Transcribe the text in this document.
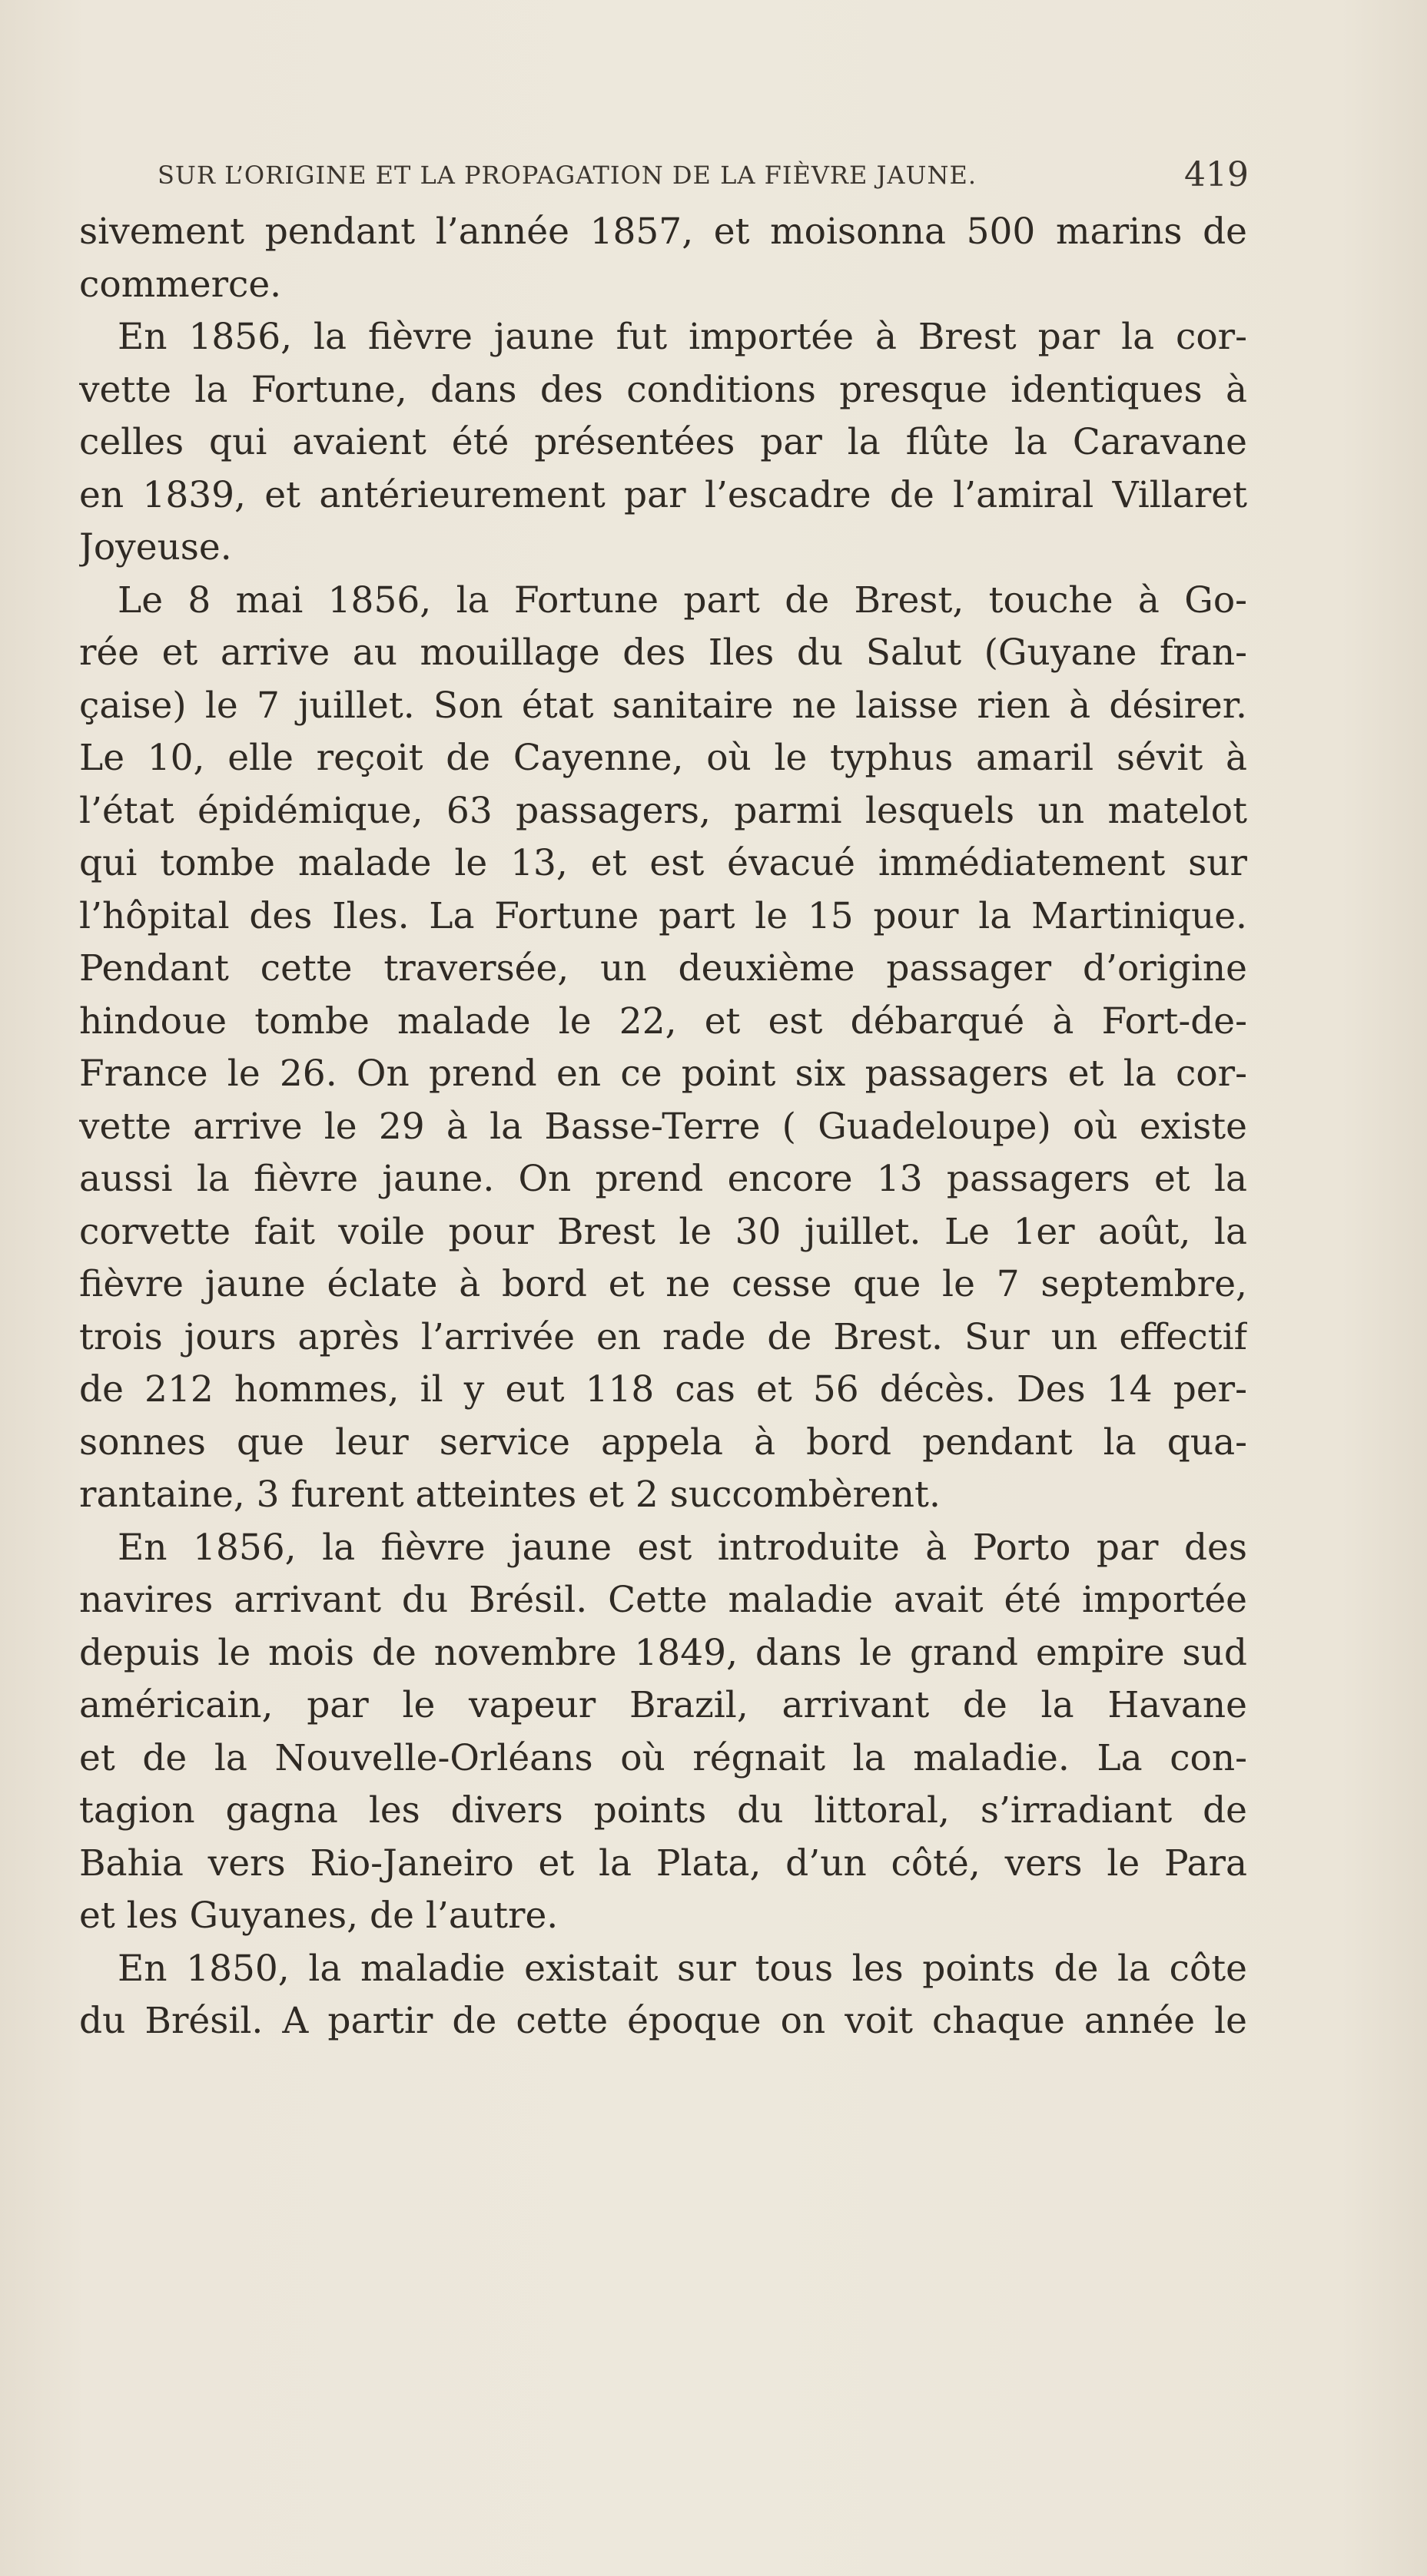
SUR L’ORIGINE ET LA PROPAGATION DE LA FIÈVRE JAUNE.	419
sivement pendant l’année 1857, et moisonna 500 marins de
commerce.
En 1856, la fièvre jaune fut importée à Brest par la cor-
vette la Fortune, dans des conditions presque identiques à
celles qui avaient été présentées par la flûte la Caravane
en 1839, et antérieurement par l’escadre de l’amiral Villaret
Joyeuse.
Le 8 mai 1856, la Fortune part de Brest, touche à Go-
rée et arrive au mouillage des Iles du Salut (Guyane fran-
çaise) le 7 juillet. Son état sanitaire ne laisse rien à désirer.
Le 10, elle reçoit de Cayenne, où le typhus amaril sévit à
l’état épidémique, 63 passagers, parmi lesquels un matelot
qui tombe malade le 13, et est évacué immédiatement sur
l’hôpital des Iles. La Fortune part le 15 pour la Martinique.
Pendant cette traversée, un deuxième passager d’origine
hindoue tombe malade le 22, et est débarqué à Fort-de-
France le 26. On prend en ce point six passagers et la cor-
vette arrive le 29 à la Basse-Terre ( Guadeloupe) où existe
aussi la fièvre jaune. On prend encore 13 passagers et la
corvette fait voile pour Brest le 30 juillet. Le 1er août, la
fièvre jaune éclate à bord et ne cesse que le 7 septembre,
trois jours après l’arrivée en rade de Brest. Sur un effectif
de 212 hommes, il y eut 118 cas et 56 décès. Des 14 per-
sonnes que leur service appela à bord pendant la qua-
rantaine, 3 furent atteintes et 2 succombèrent.
En 1856, la fièvre jaune est introduite à Porto par des
navires arrivant du Brésil. Cette maladie avait été importée
depuis le mois de novembre 1849, dans le grand empire sud
américain, par le vapeur Brazil, arrivant de la Havane
et de la Nouvelle-Orléans où régnait la maladie. La con-
tagion gagna les divers points du littoral, s’irradiant de
Bahia vers Rio-Janeiro et la Plata, d’un côté, vers le Para
et les Guyanes, de l’autre.
En 1850, la maladie existait sur tous les points de la côte
du Brésil. A partir de cette époque on voit chaque année le
